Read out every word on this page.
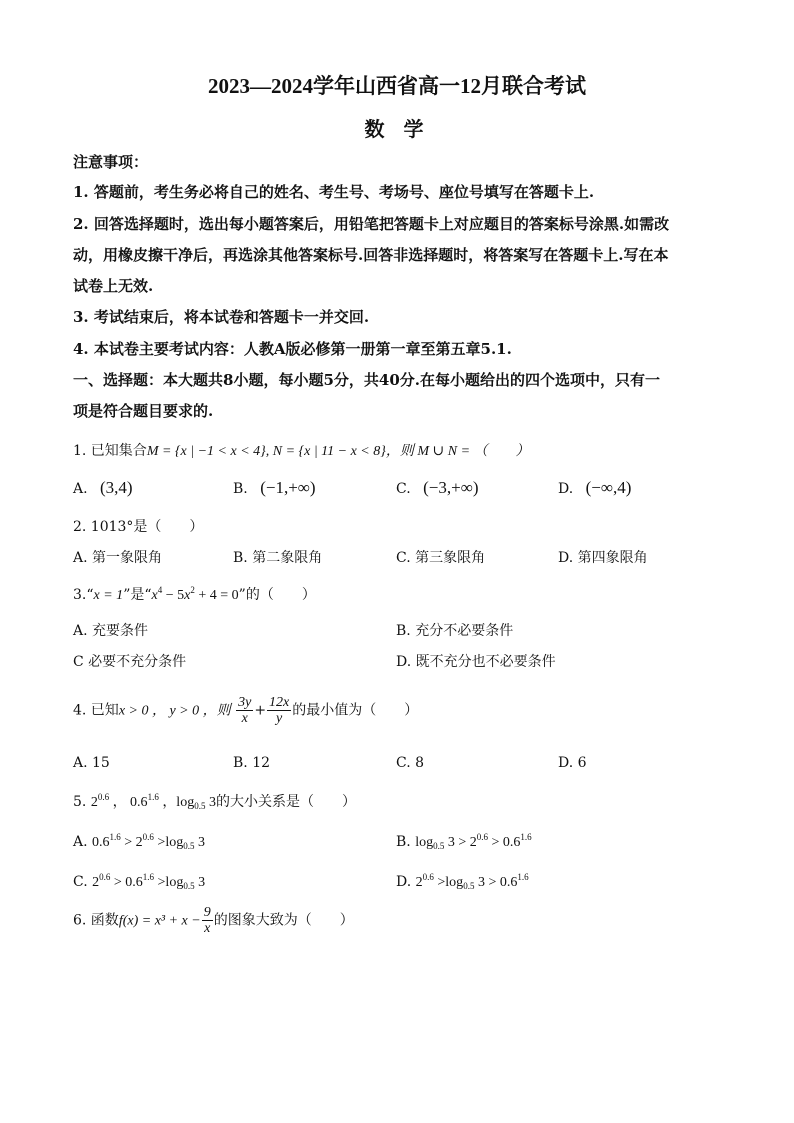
2023—2024学年山西省高一12月联合考试
数 学
注意事项：
1. 答题前，考生务必将自己的姓名、考生号、考场号、座位号填写在答题卡上.
2. 回答选择题时，选出每小题答案后，用铅笔把答题卡上对应题目的答案标号涂黑.如需改
动，用橡皮擦干净后，再选涂其他答案标号.回答非选择题时，将答案写在答题卡上.写在本
试卷上无效.
3. 考试结束后，将本试卷和答题卡一并交回.
4. 本试卷主要考试内容：人教A版必修第一册第一章至第五章5.1.
一、选择题：本大题共8小题，每小题5分，共40分.在每小题给出的四个选项中，只有一
项是符合题目要求的.
1. 已知集合M = {x | −1 < x < 4}, N = {x | 11 − x < 8}，则 M ∪ N = （　　）
A. (3,4)	B. (−1,+∞)	C. (−3,+∞)	D. (−∞,4)
2. 1013°是（　　）
A. 第一象限角	B. 第二象限角	C. 第三象限角	D. 第四象限角
3.“x = 1”是“$x^4 - 5x^2 + 4 = 0$”的（　　）
A. 充要条件	B. 充分不必要条件
C 必要不充分条件	D. 既不充分也不必要条件
4. 已知x > 0 ， y > 0 ，则 $\frac{3y}{x} + \frac{12x}{y}$ 的最小值为（　　）
A. 15	B. 12	C. 8	D. 6
5. $2^{0.6}$ ， $0.6^{1.6}$ ，$\log_{0.5} 3$的大小关系是（　　）
A. $0.6^{1.6} > 2^{0.6} >\log_{0.5}$ 3	B. $\log_{0.5} 3 > 2^{0.6} > 0.6^{1.6}$
C. $2^{0.6} > 0.6^{1.6} >\log_{0.5}$ 3	D. $2^{0.6} >\log_{0.5}$ $3 > 0.6^{1.6}$
6. 函数$f(x) = x^3 + x - \frac{9}{x}$ 的图象大致为（　　）
